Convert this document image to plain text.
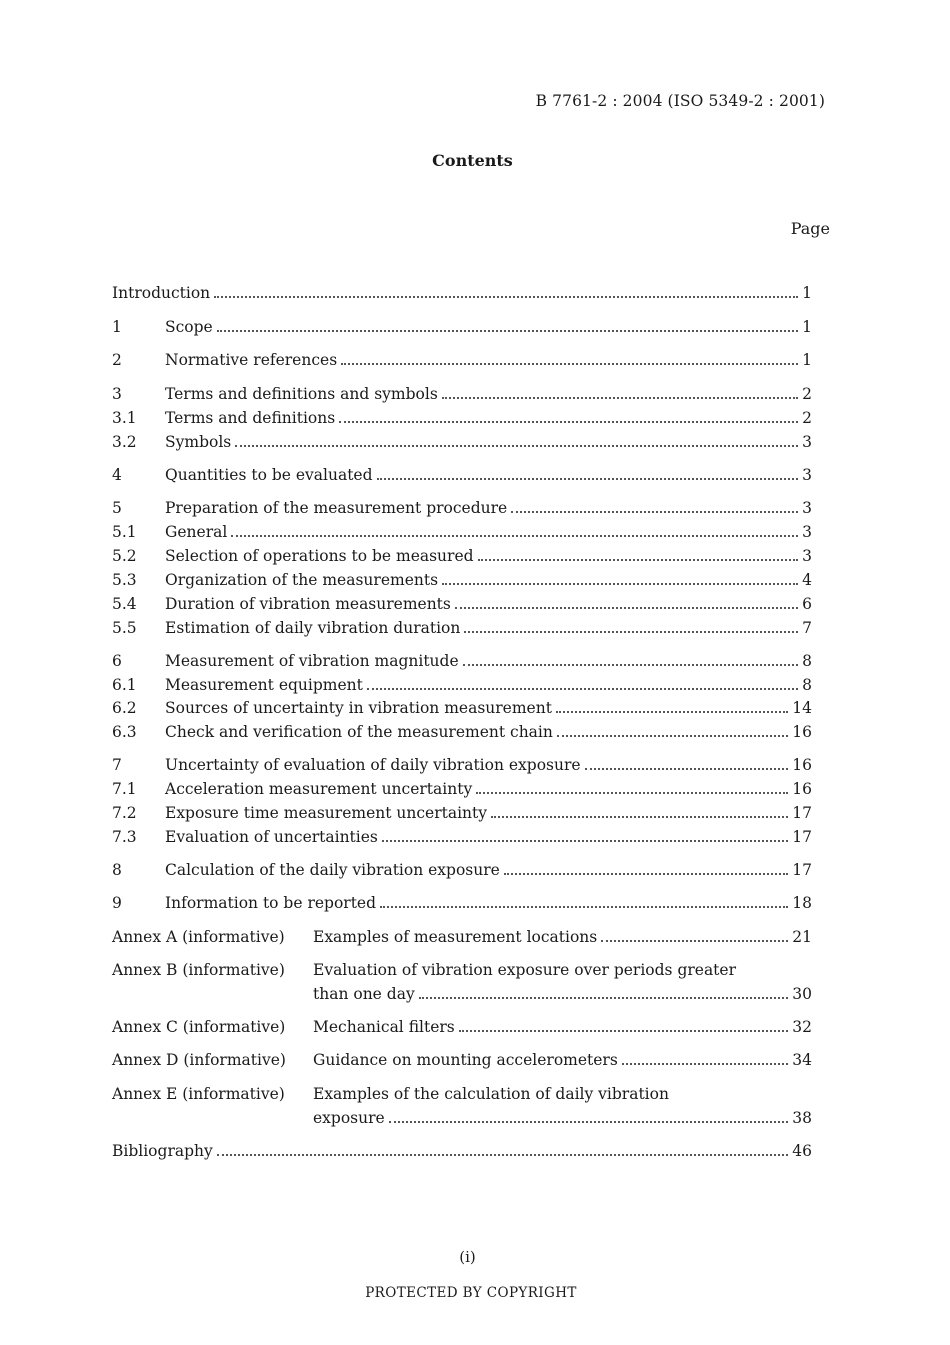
B 7761-2 : 2004 (ISO 5349-2 : 2001)
Contents
Page
Introduction	1
1	Scope	1
2	Normative references	1
3	Terms and definitions and symbols	2
3.1	Terms and definitions	2
3.2	Symbols	3
4	Quantities to be evaluated	3
5	Preparation of the measurement procedure	3
5.1	General	3
5.2	Selection of operations to be measured	3
5.3	Organization of the measurements	4
5.4	Duration of vibration measurements	6
5.5	Estimation of daily vibration duration	7
6	Measurement of vibration magnitude	8
6.1	Measurement equipment	8
6.2	Sources of uncertainty in vibration measurement	14
6.3	Check and verification of the measurement chain	16
7	Uncertainty of evaluation of daily vibration exposure	16
7.1	Acceleration measurement uncertainty	16
7.2	Exposure time measurement uncertainty	17
7.3	Evaluation of uncertainties	17
8	Calculation of the daily vibration exposure	17
9	Information to be reported	18
Annex A (informative)	Examples of measurement locations	21
Annex B (informative)	Evaluation of vibration exposure over periods greater
than one day	30
Annex C (informative)	Mechanical filters	32
Annex D (informative)	Guidance on mounting accelerometers	34
Annex E (informative)	Examples of the calculation of daily vibration
exposure	38
Bibliography	46
(i)
PROTECTED BY COPYRIGHT
